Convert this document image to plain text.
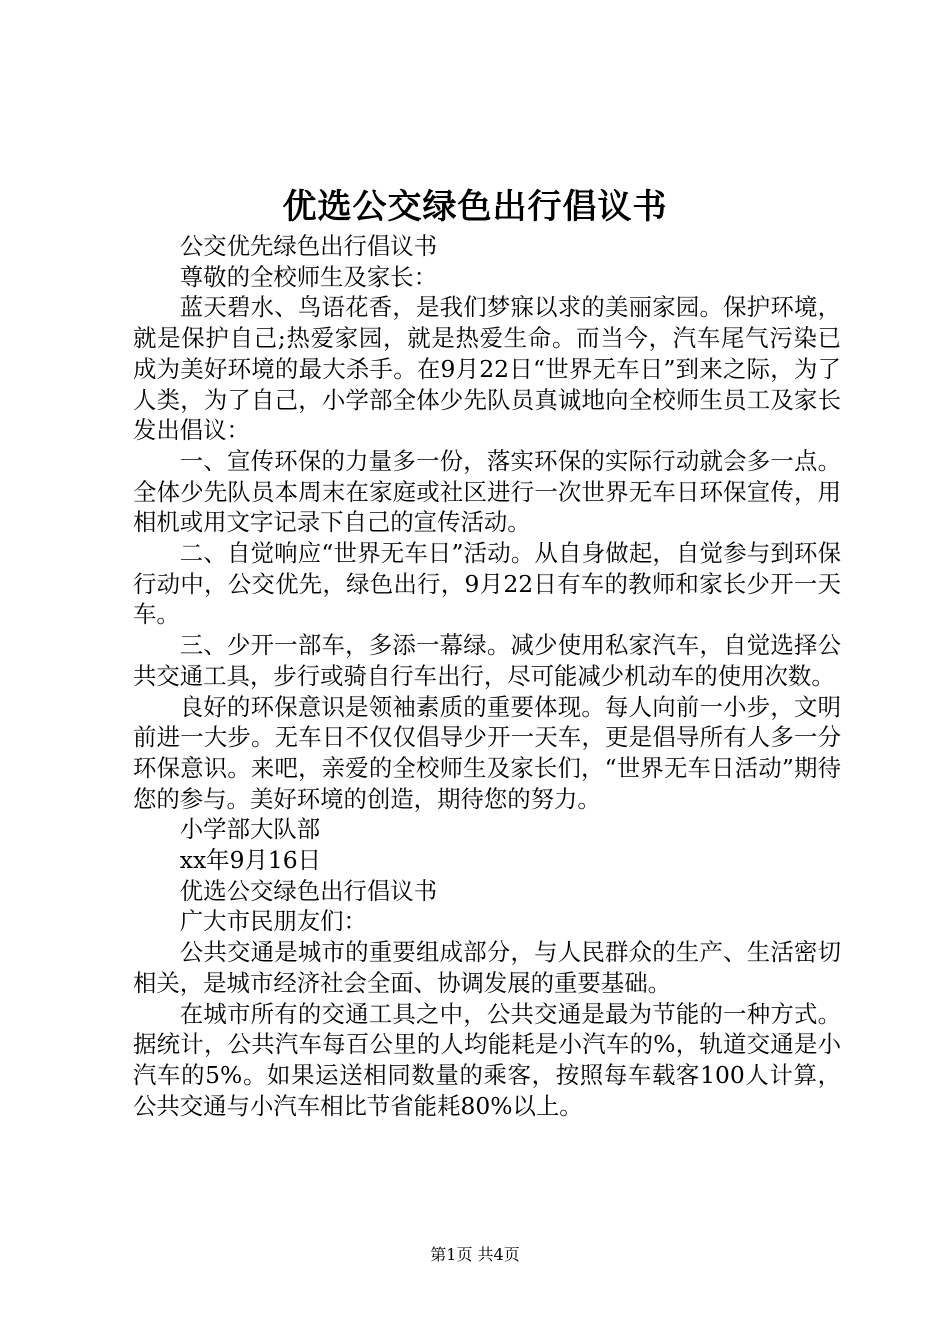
优选公交绿色出行倡议书

公交优先绿色出行倡议书

尊敬的全校师生及家长：

蓝天碧水、鸟语花香，是我们梦寐以求的美丽家园。保护环境，就是保护自己;热爱家园，就是热爱生命。而当今，汽车尾气污染已成为美好环境的最大杀手。在9月22日“世界无车日”到来之际，为了人类，为了自己，小学部全体少先队员真诚地向全校师生员工及家长发出倡议：

一、宣传环保的力量多一份，落实环保的实际行动就会多一点。全体少先队员本周末在家庭或社区进行一次世界无车日环保宣传，用相机或用文字记录下自己的宣传活动。

二、自觉响应“世界无车日”活动。从自身做起，自觉参与到环保行动中，公交优先，绿色出行，9月22日有车的教师和家长少开一天车。

三、少开一部车，多添一幕绿。减少使用私家汽车，自觉选择公共交通工具，步行或骑自行车出行，尽可能减少机动车的使用次数。

良好的环保意识是领袖素质的重要体现。每人向前一小步，文明前进一大步。无车日不仅仅倡导少开一天车，更是倡导所有人多一分环保意识。来吧，亲爱的全校师生及家长们，“世界无车日活动”期待您的参与。美好环境的创造，期待您的努力。

小学部大队部

xx年9月16日

优选公交绿色出行倡议书

广大市民朋友们：

公共交通是城市的重要组成部分，与人民群众的生产、生活密切相关，是城市经济社会全面、协调发展的重要基础。

在城市所有的交通工具之中，公共交通是最为节能的一种方式。据统计，公共汽车每百公里的人均能耗是小汽车的%，轨道交通是小汽车的5%。如果运送相同数量的乘客，按照每车载客100人计算，公共交通与小汽车相比节省能耗80%以上。

第1页 共4页
